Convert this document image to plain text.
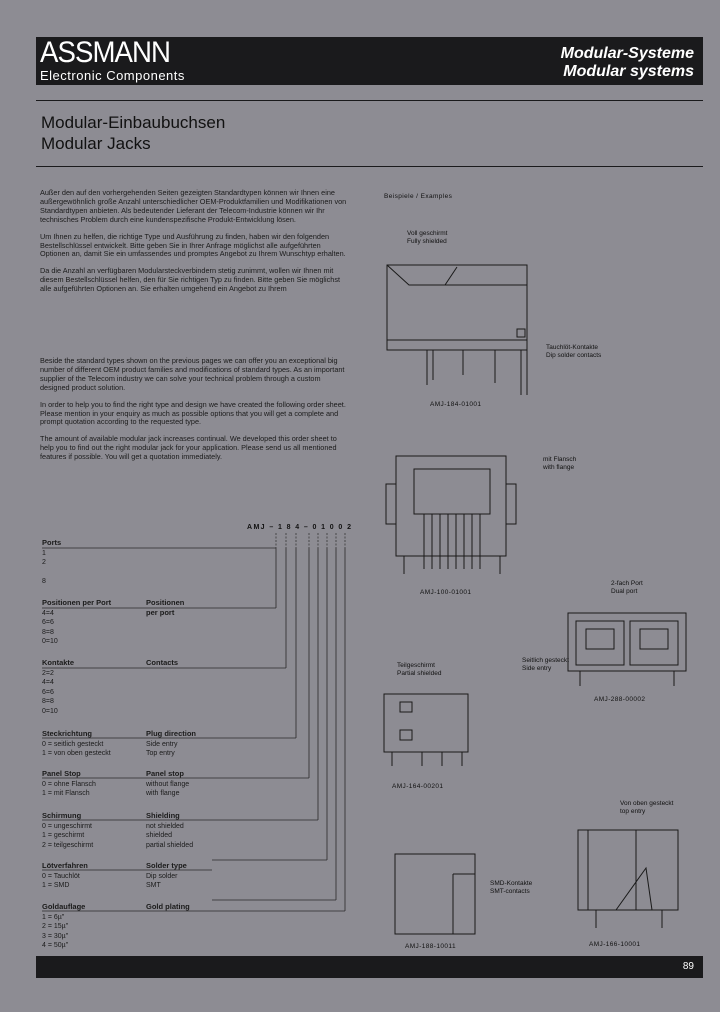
ASSMANN
Electronic Components
Modular-Systeme
Modular systems
Modular-Einbaubuchsen
Modular Jacks

Außer den auf den vorhergehenden Seiten gezeigten Standardtypen können wir Ihnen eine außergewöhnlich große Anzahl unterschiedlicher OEM-Produktfamilien und Modifikationen von Standardtypen anbieten. Als bedeutender Lieferant der Telecom-Industrie können wir Ihr technisches Problem durch eine kundenspezifische Produkt-Entwicklung lösen.

Um Ihnen zu helfen, die richtige Type und Ausführung zu finden, haben wir den folgenden Bestellschlüssel entwickelt. Bitte geben Sie in Ihrer Anfrage möglichst alle aufgeführten Optionen an, damit Sie ein umfassendes und promptes Angebot zu Ihrem Wunschtyp erhalten.

Da die Anzahl an verfügbaren Modularsteckverbindern stetig zunimmt, wollen wir Ihnen mit diesem Bestellschlüssel helfen, den für Sie richtigen Typ zu finden. Bitte geben Sie möglichst alle aufgeführten Optionen an. Sie erhalten umgehend ein Angebot zu Ihrem

Beside the standard types shown on the previous pages we can offer you an exceptional big number of different OEM product families and modifications of standard types. As an important supplier of the Telecom industry we can solve your technical problem through a custom designed product solution.

In order to help you to find the right type and design we have created the following order sheet. Please mention in your enquiry as much as possible options that you will get a complete and prompt quotation according to the requested type.

The amount of available modular jack increases continual. We developed this order sheet to help you to find out the right modular jack for your application. Please send us all mentioned features if possible. You will get a quotation immediately.

AMJ – 1 8 4 – 0 1 0 0 2
Ports
1
2
8
Positionen per Port	Positionen per port
4=4
6=6
8=8
0=10
Kontakte	Contacts
2=2
4=4
6=6
8=8
0=10
Steckrichtung	Plug direction
0 = seitlich gesteckt	Side entry
1 = von oben gesteckt	Top entry
Panel Stop	Panel stop
0 = ohne Flansch	without flange
1 = mit Flansch	with flange
Schirmung	Shielding
0 = ungeschirmt	not shielded
1 = geschirmt	shielded
2 = teilgeschirmt	partial shielded
Lötverfahren	Solder type
0 = Tauchlöt	Dip solder
1 = SMD	SMT
Goldauflage	Gold plating
1 = 6µ"
2 = 15µ"
3 = 30µ"
4 = 50µ"
Beispiele / Examples
Voll geschirmt
Fully shielded
Tauchlöt-Kontakte
Dip solder contacts
AMJ-184-01001
mit Flansch
with flange
AMJ-100-01001
2-fach Port
Dual port
Seitlich gesteckt
Side entry
AMJ-288-00002
Teilgeschirmt
Partial shielded
AMJ-164-00201
Von oben gesteckt
top entry
AMJ-166-10001
SMD-Kontakte
SMT-contacts
AMJ-188-10011
89
